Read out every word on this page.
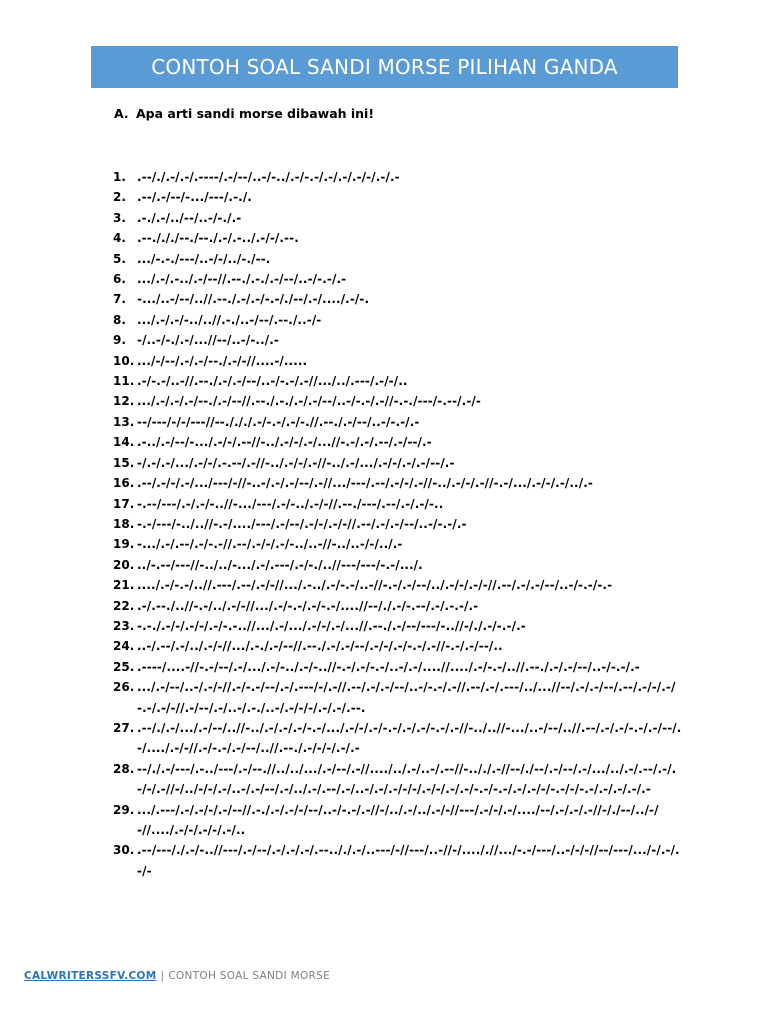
CONTOH SOAL SANDI MORSE PILIHAN GANDA
A. Apa arti sandi morse dibawah ini!
1. .--/./.-/.-/.----/.-/--/..-/-../.-/-.-/.-/.-/.-/-/.-/.-
2. .--/.-/--/-.../---/.-./.
3. .-./.-/../--/..-/-./.-
4. .--./././--./--./.-/.-../.-/-/.--.
5. .../-.-./---/..-/-/../-./--.
6. .../.-/.-../.-/--//.--./.-./.-/--/..-/-.-/.-
7. -.../..-/--/..//.--./.-/.-/-.-/./--/.-/..../.-/-.
8. .../.-/.-/-../..//.-./..-/--/.--./..-/-
9. -/..-/-./.-/...//--/..-/-../.-
10. .../-/--/.-/.-/--./.-/-//....-/.....
11. .-/-.-/..-//.--./.-/.-/--/..-/-.-/.-//.../../.---/.-/-/..
12. .../.-/.-/.-/--./.-/--//.--./.-./.-/.-/--/..-/-.-/.-//-.-./---/-.--/.-/-
13. --/---/-/-/---//--./././.-/-.-/.-/-.//.--./.-/--/..-/-.-/.-
14. .-../.-/--/-.../.-/-/.--//-../.-/-/.-/...//-.-/.-/.--/.-/--/.-
15. -/.-/.-/.../.-/-/.-.--/.-//-../.-/-/.-//-../.-/.../.-/-/.-/.-/--/.-
16. .--/.-/-/.-/.../---/-//-..-/.-/.-/--/.-//.../---/.--/.-/-/.-//-../.-/-/.-//-.-/.../.-/-/.-/../.-
17. -.--/---/.-/.-/-..//-.../---/.-/-../.-/-//.--./---/.--/.-/.-/-..
18. -.-/---/-../..//-.-/..../---/.-/--/.-/-/.-/-//.--/.-/.-/--/..-/-.-/.-
19. -.../.-/.--/.-/-.-//.--/.-/-/.-/-../..-//-../..-/-/../.-
20. ../-.--/---//-../../-.../.-/.---/.-/-./..//---/---/-.-/.../.
21. ..../.-/-.-/..//.---/.--/.-/-//.../.-../.-/-.-/..-//-.-/.-/--/../.-/-/.-/-//.--/.-/.-/--/..-/-.-/-.-
22. .-/.--./..//-.-/../.-/-//.../.-/-.-/.-/-.-/....//--/./.-/-.--/.-/.-.-/.-
23. -.-./.-/-/.-/-/.-/-.-..//.../.-/.../.-/-/.-/...//.--./.-/--/---/-..//-/./.-/-.-/.-
24. ..-/.--/.-/../.-/-//.../.-./.-/--//.--./.-/.-/--/.-/-/.-/-.-/.-//-.-/.-/--/..
25. .----/....-//-.-/--/.-/.../.-/-../.-/-..//-.-/.-/-.-/..-/.-/....//..../.-/-.-/..//.--./.-/.-/--/..-/-.-/.-
26. .../.-/--/..-/.-/-//.-/-.-/--/.-/.---/-/.-//.--/.-/.-/--/..-/-.-/.-//.--/.-/.---/../...//--/.-/.-/--/.--/.-/-/.-/-.-/.-/-//.-/--/.-/..-/.-./..-/.-/-/-/.-/.-/.--.
27. .--/./.-/.../.-/--/..//-../.-/.-/.-/-.-/.../.-/-/.-/-.-/.-/.-/-.-/.-//-../..//-.../..-/--/..//.--/.-/.-/-.-/.-/--/.-/..../.-/-//.-/-.-/.-/--/..//.--./.-/-/-/.-/.-
28. --/./.-/---/.-../---/.-/--.//../../.../.-/--/.-//..../../.-/..-/.--//-.././.-//--/./--/.-/--/.-/.../../.-/.--/.-/.-/-/.-//-/../-/-/.-/..-/.-/--/.-/../.-/.--/.-/..-/.-/.-/-/-/.-/-/.-/.-/-.-/-.-/.-/.-/-/-.-/-/-.-/.-/.-/.-/.-
29. .../.---/.-/.-/-/.-/--//.-./.-/.-/-/--/..-/-.-/.-//-/../.-/../.-/-//---/.-/-/.-/..../--/.-/.-/.-//-/./--/../-/-//..../.-/-/.-/-/.-/..
30. .--/---/./.-/-..//---/.-/--/.-/.-/.-/.--.././.-/..---/-//---/..-//-/...././/.../-.-/---/..-/-/-//--/---/.../-/.-/.-/-
CALWRITERSSFV.COM | CONTOH SOAL SANDI MORSE
